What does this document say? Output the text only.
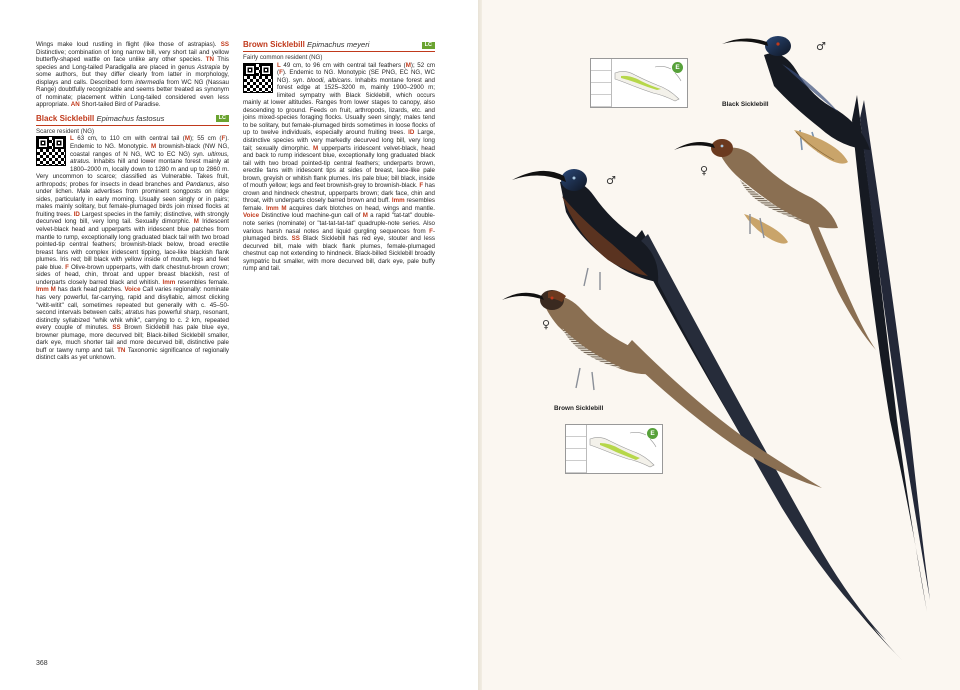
Wings make loud rustling in flight (like those of astrapias). SS Distinctive; combination of long narrow bill, very short tail and yellow butterfly-shaped wattle on face unlike any other species. TN This species and Long-tailed Paradigalla are placed in genus Astrapia by some authors, but they differ clearly from latter in morphology, displays and calls. Described form intermedia from WC NG (Nassau Range) doubtfully recognizable and seems better treated as synonym of nominate; placement within Long-tailed considered even less appropriate. AN Short-tailed Bird of Paradise.

Black Sicklebill Epimachus fastosus	LC

Scarce resident (NG)

L 63 cm, to 110 cm with central tail (M); 55 cm (F). Endemic to NG. Monotypic. M brownish-black (NW NG, coastal ranges of N NG, WC to EC NG) syn. ultimus, atratus. Inhabits hill and lower montane forest mainly at 1800–2000 m, locally down to 1280 m and up to 2860 m. Very uncommon to scarce; classified as Vulnerable. Takes fruit, arthropods; probes for insects in dead branches and Pandanus, also under lichen. Male advertises from prominent songposts on ridge sides, particularly in early morning. Usually seen singly or in pairs; males mainly solitary, but female-plumaged birds join mixed flocks at fruiting trees. ID Largest species in the family; distinctive, with strongly decurved long bill, very long tail. Sexually dimorphic. M Iridescent velvet-black head and upperparts with iridescent blue patches from mantle to rump, exceptionally long graduated black tail with two broad pointed-tip central feathers; brownish-black below, broad erectile breast fans with complex iridescent tipping, lace-like blackish flank plumes. Iris red; bill black with yellow inside of mouth, legs and feet pale blue. F Olive-brown upperparts, with dark chestnut-brown crown; sides of head, chin, throat and upper breast blackish, rest of underparts closely barred black and whitish. Imm resembles female. Imm M has dark head patches. Voice Call varies regionally: nominate has very powerful, far-carrying, rapid and disyllabic, almost clicking "witit-witit" call, sometimes repeated but generally with c. 45–50-second intervals between calls; atratus has powerful sharp, resonant, distinctly syllabized "whik whik whik", carrying to c. 2 km, repeated every couple of minutes. SS Brown Sicklebill has pale blue eye, browner plumage, more decurved bill; Black-billed Sicklebill smaller, dark eye, much shorter tail and more decurved bill, distinctive pale buff or tawny rump and tail. TN Taxonomic significance of regionally distinct calls as yet unknown.

Brown Sicklebill Epimachus meyeri	LC

Fairly common resident (NG)

L 49 cm, to 96 cm with central tail feathers (M); 52 cm (F). Endemic to NG. Monotypic (SE PNG, EC NG, WC NG). syn. bloodi, albicans. Inhabits montane forest and forest edge at 1525–3200 m, mainly 1900–2900 m; limited sympatry with Black Sicklebill, which occurs mainly at lower altitudes. Ranges from lower stages to canopy, also descending to ground. Feeds on fruit, arthropods, lizards, etc. and joins mixed-species foraging flocks. Usually seen singly; males tend to be solitary, but female-plumaged birds sometimes in loose flocks of up to twelve individuals, especially around fruiting trees. ID Large, distinctive species with very markedly decurved long bill, very long tail; sexually dimorphic. M upperparts iridescent velvet-black, head and back to rump iridescent blue, exceptionally long graduated black tail with two broad pointed-tip central feathers; underparts brown, erectile fans with iridescent tips at sides of breast, lace-like pale brown, greyish or whitish flank plumes. Iris pale blue; bill black, inside of mouth yellow; legs and feet brownish-grey to brownish-black. F has crown and hindneck chestnut, upperparts brown; dark face, chin and throat, with underparts closely barred brown and buff. Imm resembles female. Imm M acquires dark blotches on head, wings and mantle. Voice Distinctive loud machine-gun call of M a rapid "tat-tat" double-note series (nominate) or "tat-tat-tat-tat" quadruple-note series. Also various harsh nasal notes and liquid gurgling sequences from F-plumaged birds. SS Black Sicklebill has red eye, stouter and less decurved bill, male with black flank plumes, female-plumaged chestnut cap not extending to hindneck. Black-billed Sicklebill broadly sympatric but smaller, with more decurved bill, dark eye, pale buffy rump and tail.

368
E
E
Black Sicklebill
♂
♀
♂
♀
Brown Sicklebill
